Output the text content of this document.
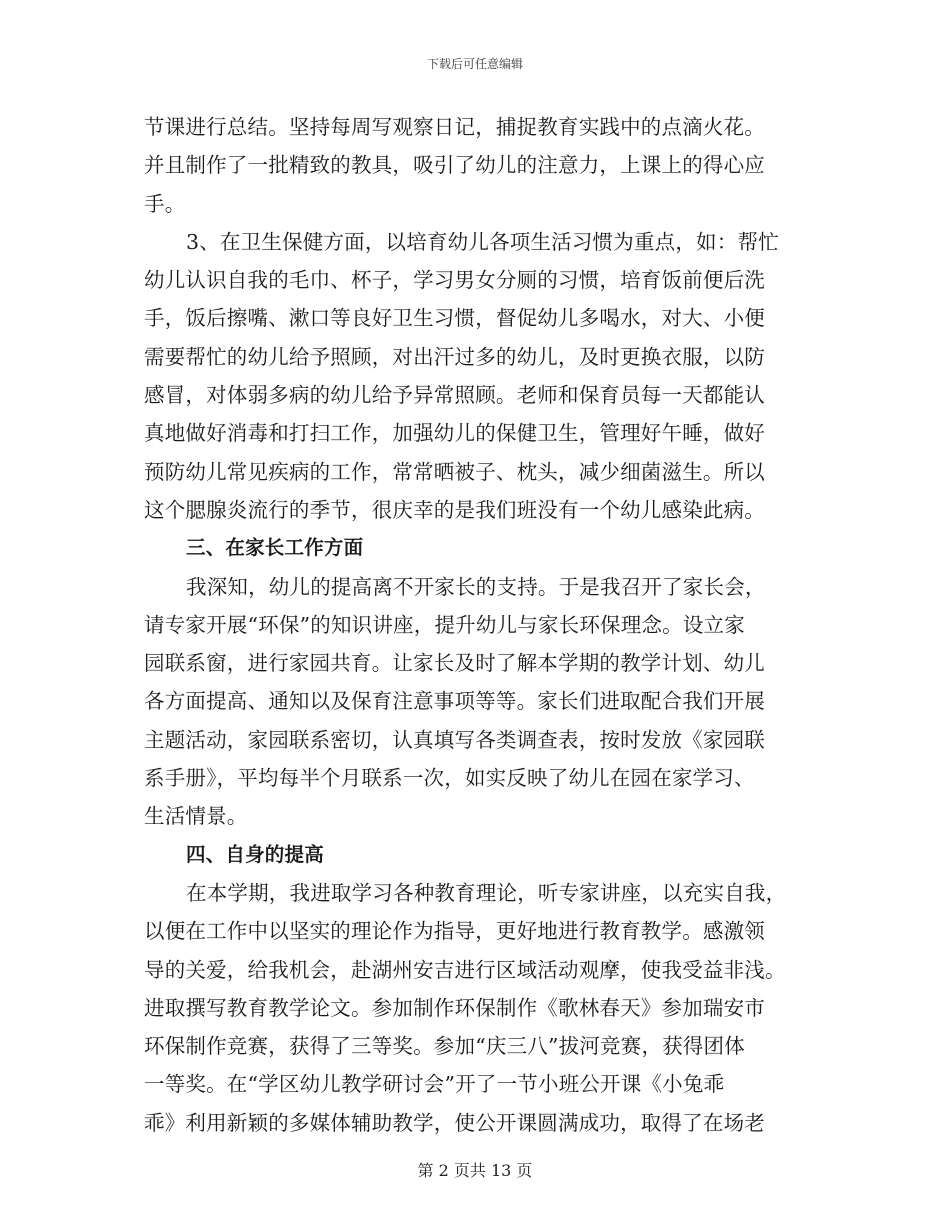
下载后可任意编辑
节课进行总结。坚持每周写观察日记，捕捉教育实践中的点滴火花。
并且制作了一批精致的教具，吸引了幼儿的注意力，上课上的得心应
手。
3、在卫生保健方面，以培育幼儿各项生活习惯为重点，如：帮忙
幼儿认识自我的毛巾、杯子，学习男女分厕的习惯，培育饭前便后洗
手，饭后擦嘴、漱口等良好卫生习惯，督促幼儿多喝水，对大、小便
需要帮忙的幼儿给予照顾，对出汗过多的幼儿，及时更换衣服，以防
感冒，对体弱多病的幼儿给予异常照顾。老师和保育员每一天都能认
真地做好消毒和打扫工作，加强幼儿的保健卫生，管理好午睡，做好
预防幼儿常见疾病的工作，常常晒被子、枕头，减少细菌滋生。所以
这个腮腺炎流行的季节，很庆幸的是我们班没有一个幼儿感染此病。
三、在家长工作方面
我深知，幼儿的提高离不开家长的支持。于是我召开了家长会，
请专家开展“环保”的知识讲座，提升幼儿与家长环保理念。设立家
园联系窗，进行家园共育。让家长及时了解本学期的教学计划、幼儿
各方面提高、通知以及保育注意事项等等。家长们进取配合我们开展
主题活动，家园联系密切，认真填写各类调查表，按时发放《家园联
系手册》，平均每半个月联系一次，如实反映了幼儿在园在家学习、
生活情景。
四、自身的提高
在本学期，我进取学习各种教育理论，听专家讲座，以充实自我，
以便在工作中以坚实的理论作为指导，更好地进行教育教学。感激领
导的关爱，给我机会，赴湖州安吉进行区域活动观摩，使我受益非浅。
进取撰写教育教学论文。参加制作环保制作《歌林春天》参加瑞安市
环保制作竞赛，获得了三等奖。参加“庆三八”拔河竞赛，获得团体
一等奖。在“学区幼儿教学研讨会”开了一节小班公开课《小兔乖
乖》利用新颖的多媒体辅助教学，使公开课圆满成功，取得了在场老
第 2 页共 13 页
